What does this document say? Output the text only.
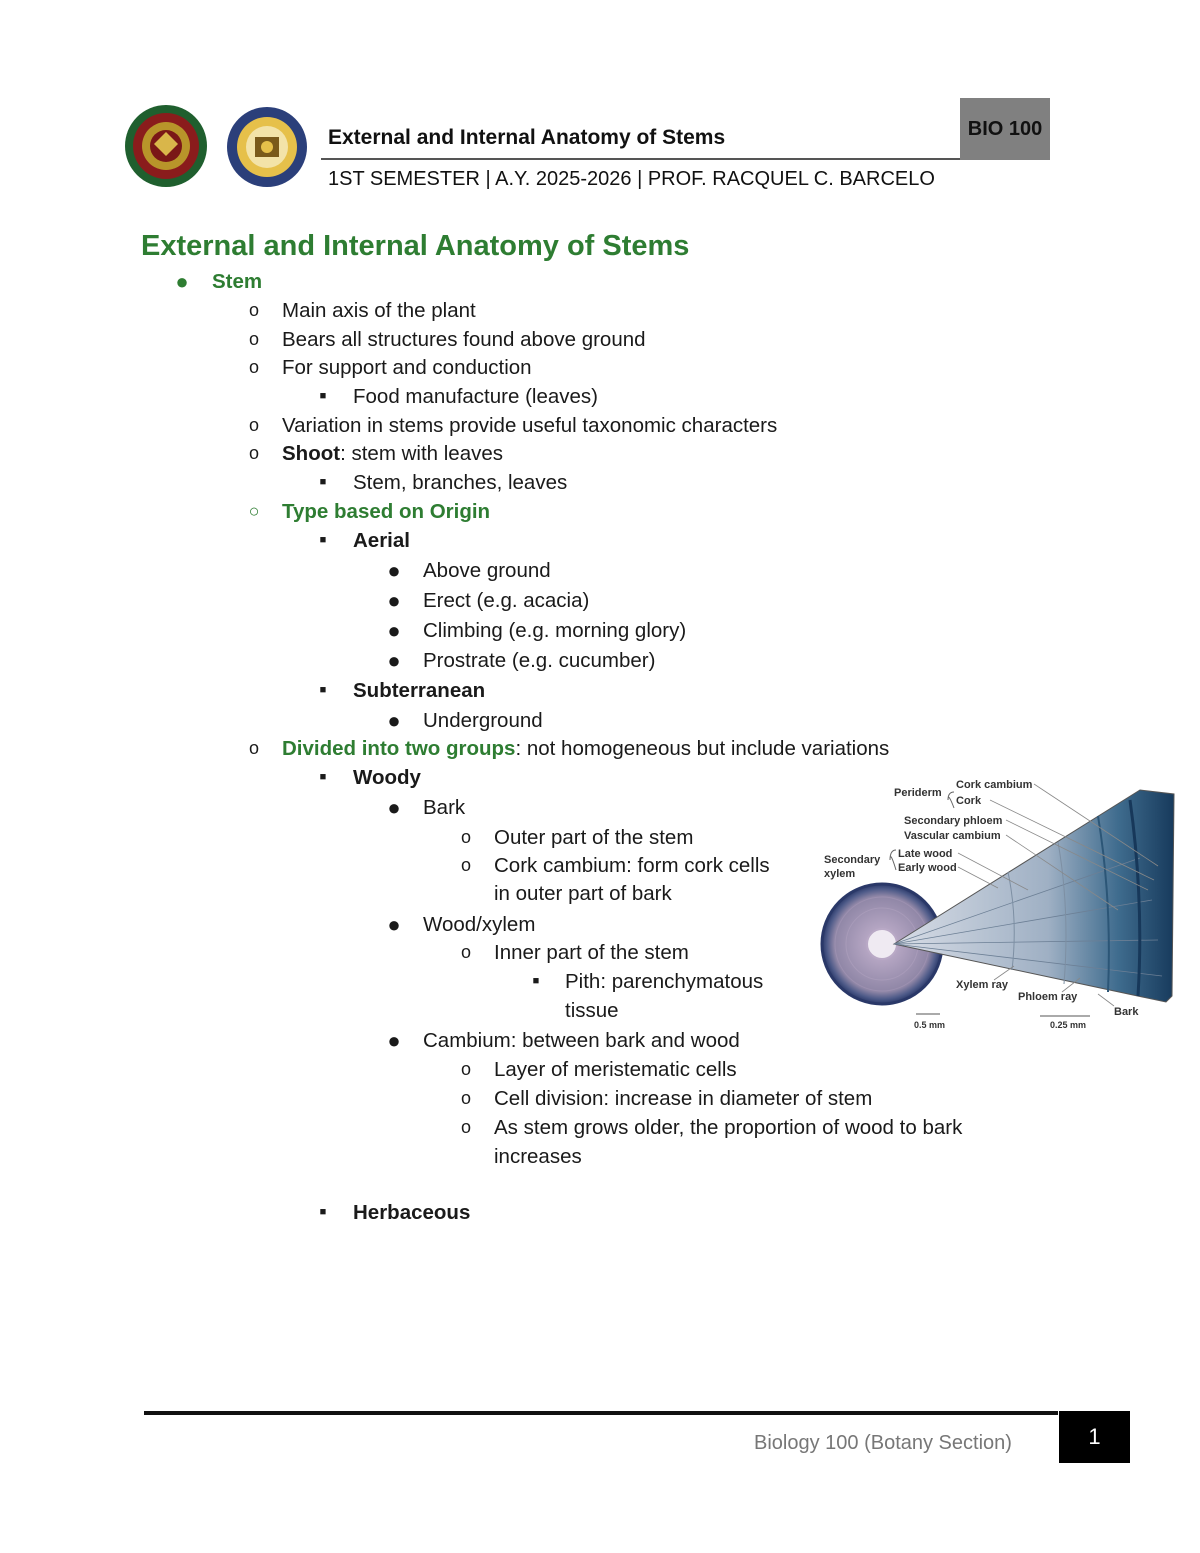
External and Internal Anatomy of Stems	BIO 100
1ST SEMESTER | A.Y. 2025-2026 | PROF. RACQUEL C. BARCELO
External and Internal Anatomy of Stems
● Stem
o Main axis of the plant
o Bears all structures found above ground
o For support and conduction
■	Food manufacture (leaves)
o Variation in stems provide useful taxonomic characters
o Shoot: stem with leaves
■	Stem, branches, leaves
○ Type based on Origin
■	Aerial
● Above ground
● Erect (e.g. acacia)
● Climbing (e.g. morning glory)
● Prostrate (e.g. cucumber)
■	Subterranean
● Underground
o Divided into two groups: not homogeneous but include variations
■	Woody
● Bark
o Outer part of the stem
o Cork cambium: form cork cells
in outer part of bark
● Wood/xylem
o Inner part of the stem
■	Pith: parenchymatous
tissue
● Cambium: between bark and wood
o Layer of meristematic cells
o Cell division: increase in diameter of stem
o As stem grows older, the proportion of wood to bark
increases
■	Herbaceous
Periderm
Cork cambium
Cork
Secondary phloem
Vascular cambium
Secondary xylem
Late wood
Early wood
Xylem ray
Phloem ray
Bark
0.5 mm	0.25 mm
Biology 100 (Botany Section)	1
